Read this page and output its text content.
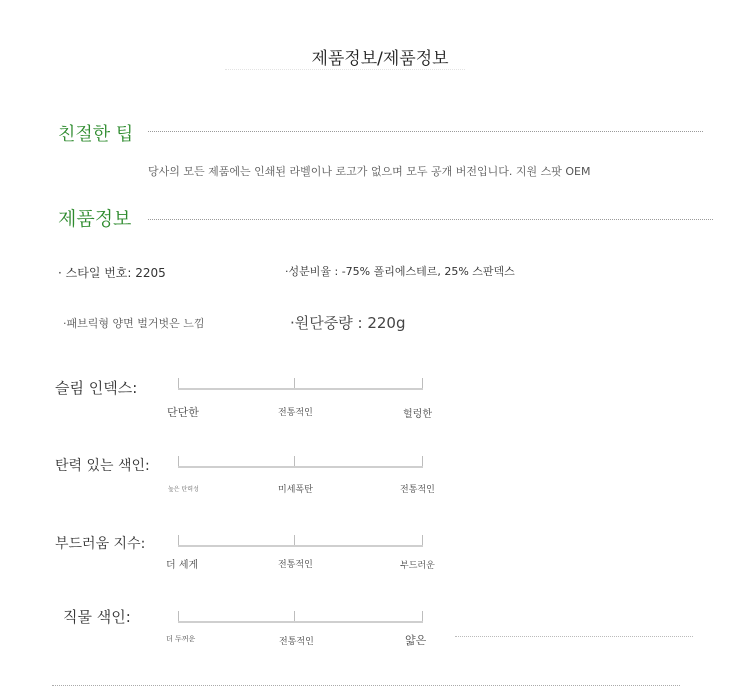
제품정보/제품정보
친절한 팁
당사의 모든 제품에는 인쇄된 라벨이나 로고가 없으며 모두 공개 버전입니다. 지원 스팟 OEM
제품정보
· 스타일 번호: 2205	·성분비율 : -75% 폴리에스테르, 25% 스판덱스
·패브릭형 양면 벌거벗은 느낌	·원단중량 : 220g
슬림 인덱스:
단단한	전통적인	헐렁한
탄력 있는 색인:
높은 탄력성	미세폭탄	전통적인
부드러움 지수:
더 세게	전통적인	부드러운
직물 색인:
더 두꺼운	전통적인	얇은
